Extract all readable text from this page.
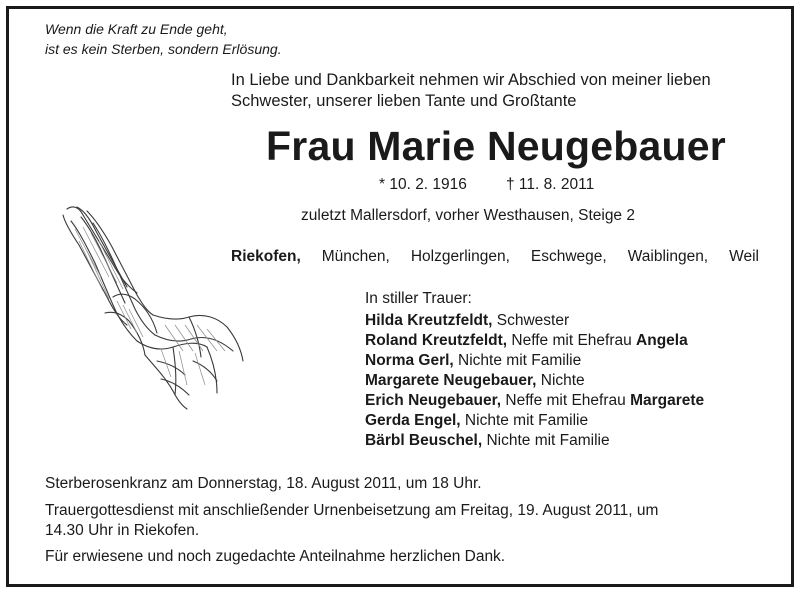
Wenn die Kraft zu Ende geht,
ist es kein Sterben, sondern Erlösung.
In Liebe und Dankbarkeit nehmen wir Abschied von meiner lieben
Schwester, unserer lieben Tante und Großtante
Frau Marie Neugebauer
* 10. 2. 1916	† 11. 8. 2011
zuletzt Mallersdorf, vorher Westhausen, Steige 2
Riekofen, München, Holzgerlingen, Eschwege, Waiblingen, Weil
In stiller Trauer:
Hilda Kreutzfeldt, Schwester
Roland Kreutzfeldt, Neffe mit Ehefrau Angela
Norma Gerl, Nichte mit Familie
Margarete Neugebauer, Nichte
Erich Neugebauer, Neffe mit Ehefrau Margarete
Gerda Engel, Nichte mit Familie
Bärbl Beuschel, Nichte mit Familie
Sterberosenkranz am Donnerstag, 18. August 2011, um 18 Uhr.
Trauergottesdienst mit anschließender Urnenbeisetzung am Freitag, 19. August 2011, um
14.30 Uhr in Riekofen.
Für erwiesene und noch zugedachte Anteilnahme herzlichen Dank.
